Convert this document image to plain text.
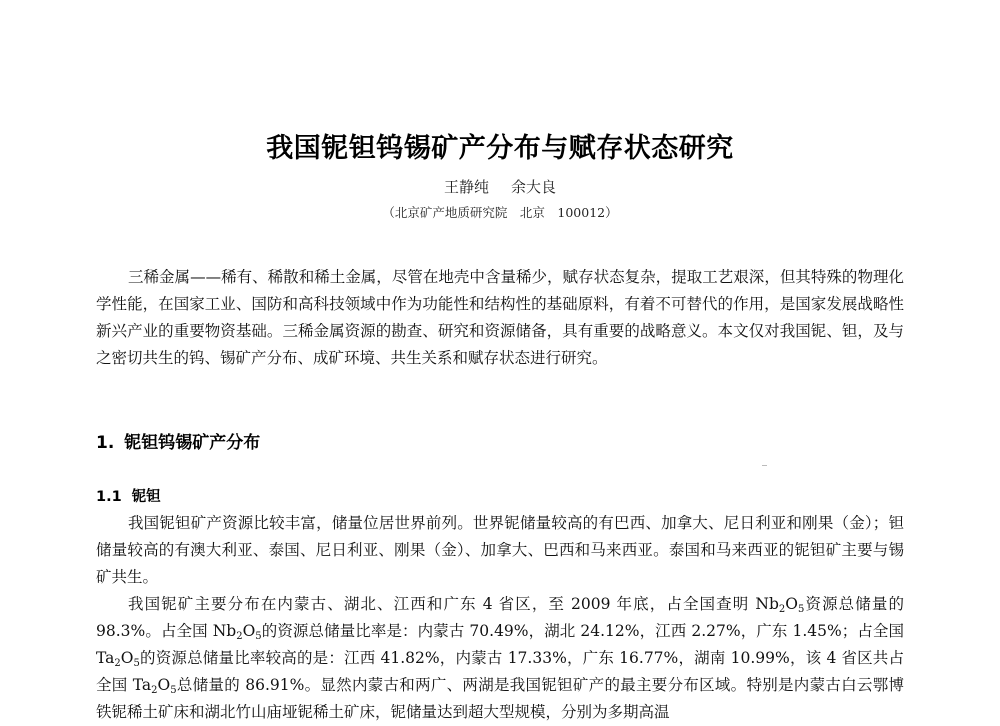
我国铌钽钨锡矿产分布与赋存状态研究
王静纯 余大良
（北京矿产地质研究院　北京　100012）

三稀金属——稀有、稀散和稀土金属，尽管在地壳中含量稀少，赋存状态复杂，提取工艺艰深，但其特殊的物理化学性能，在国家工业、国防和高科技领域中作为功能性和结构性的基础原料，有着不可替代的作用，是国家发展战略性新兴产业的重要物资基础。三稀金属资源的勘查、研究和资源储备，具有重要的战略意义。本文仅对我国铌、钽，及与之密切共生的钨、锡矿产分布、成矿环境、共生关系和赋存状态进行研究。

1. 铌钽钨锡矿产分布
1.1 铌钽

我国铌钽矿产资源比较丰富，储量位居世界前列。世界铌储量较高的有巴西、加拿大、尼日利亚和刚果（金）；钽储量较高的有澳大利亚、泰国、尼日利亚、刚果（金）、加拿大、巴西和马来西亚。泰国和马来西亚的铌钽矿主要与锡矿共生。

我国铌矿主要分布在内蒙古、湖北、江西和广东 4 省区，至 2009 年底，占全国查明 $Nb_2O_5$资源总储量的 98.3%。占全国 $Nb_2O_5$的资源总储量比率是：内蒙古 70.49%，湖北 24.12%，江西 2.27%，广东 1.45%；占全国 $Ta_2O_5$的资源总储量比率较高的是：江西 41.82%，内蒙古 17.33%，广东 16.77%，湖南 10.99%，该 4 省区共占全国 $Ta_2O_5$总储量的 86.91%。显然内蒙古和两广、两湖是我国铌钽矿产的最主要分布区域。特别是内蒙古白云鄂博铁铌稀土矿床和湖北竹山庙垭铌稀土矿床，铌储量达到超大型规模，分别为多期高温
